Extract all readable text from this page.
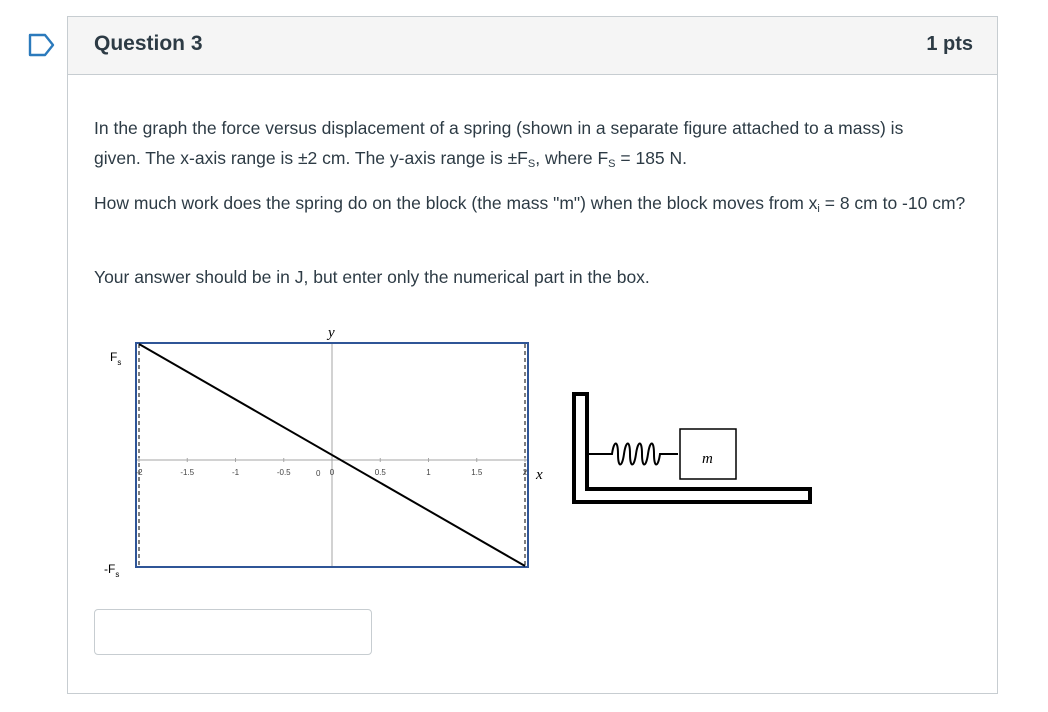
Question 3	1 pts
In the graph the force versus displacement of a spring (shown in a separate figure attached to a mass) is given. The x-axis range is ±2 cm. The y-axis range is $\pm F_S$, where $F_S = 185$ N.
How much work does the spring do on the block (the mass "m") when the block moves from $x_i = 8$ cm to -10 cm?
Your answer should be in J, but enter only the numerical part in the box.
-2	-1.5	-1	-0.5	0	0.5	1	1.5	2
y
x
0
$F_s$
$-F_s$
m
